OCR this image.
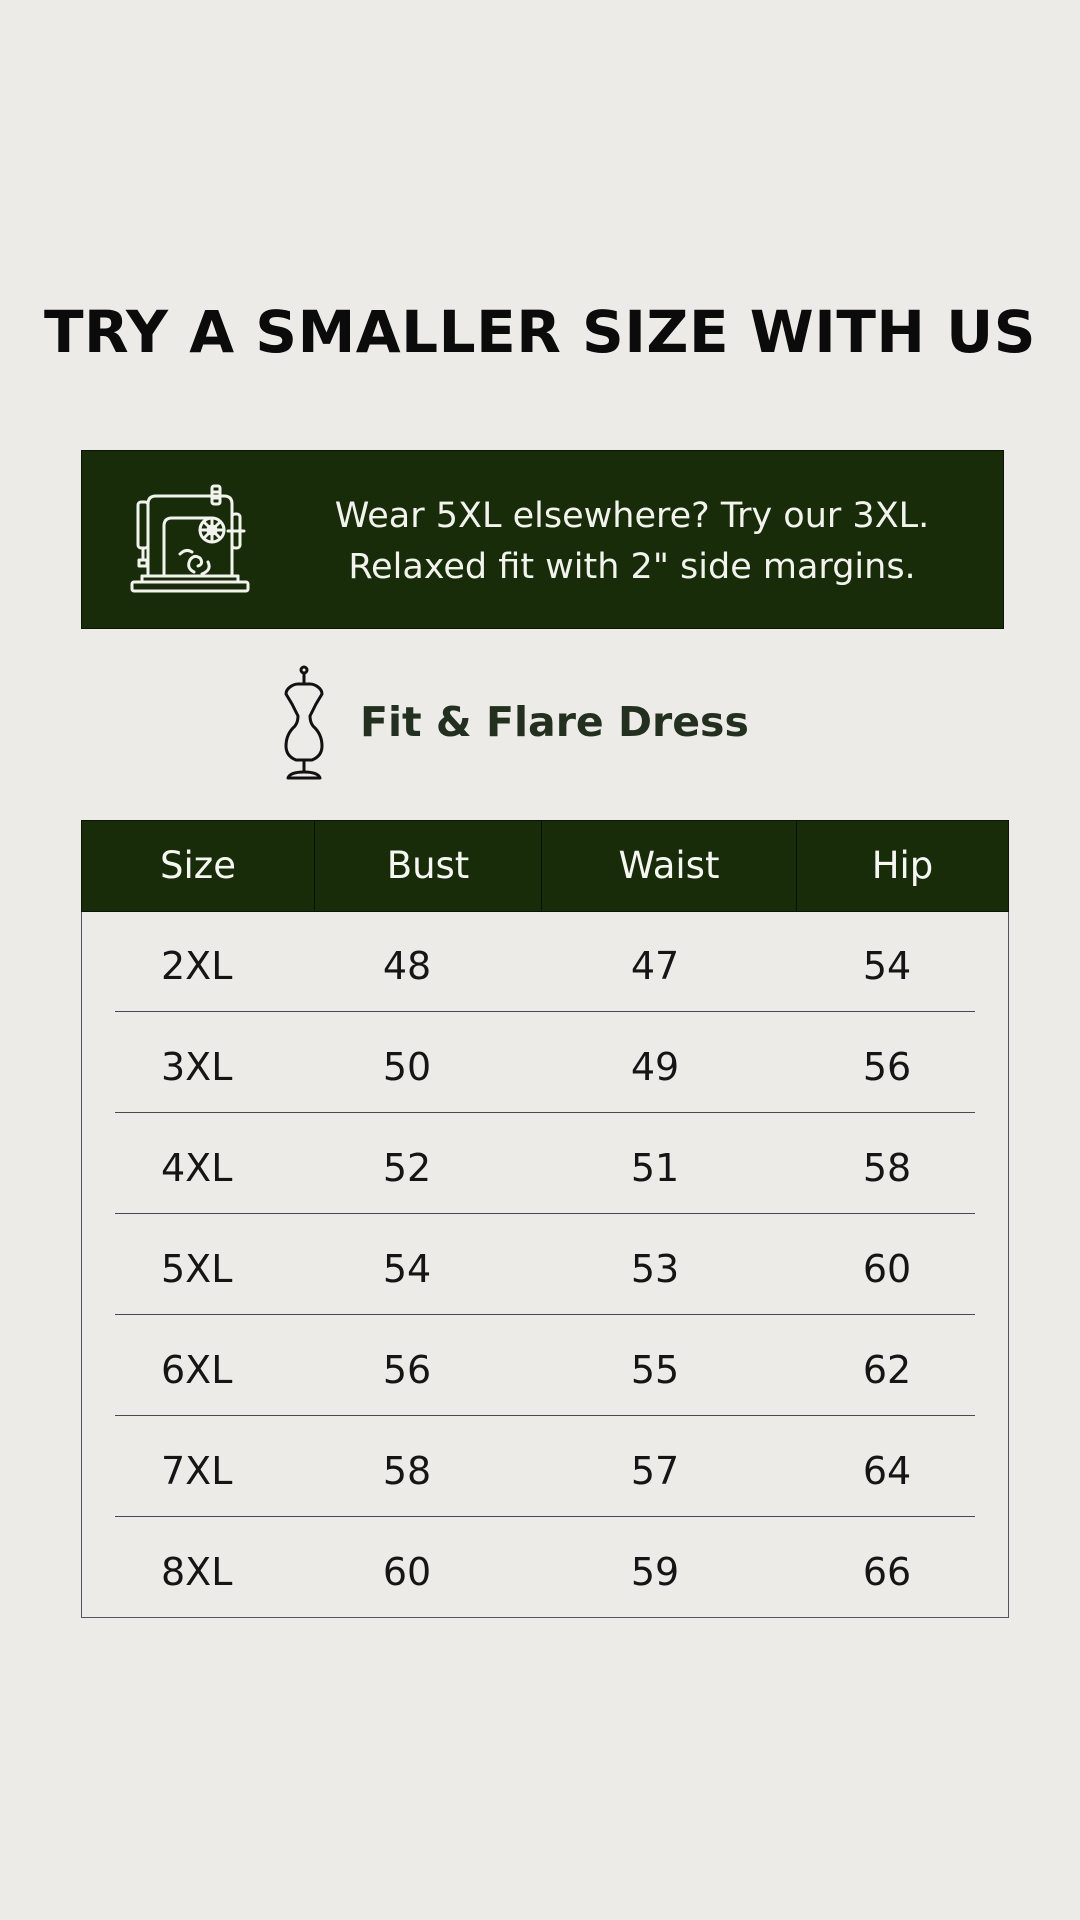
TRY A SMALLER SIZE WITH US
Wear 5XL elsewhere? Try our 3XL.
Relaxed fit with 2" side margins.
Fit & Flare Dress
Size	Bust	Waist	Hip
2XL	48	47	54
3XL	50	49	56
4XL	52	51	58
5XL	54	53	60
6XL	56	55	62
7XL	58	57	64
8XL	60	59	66
